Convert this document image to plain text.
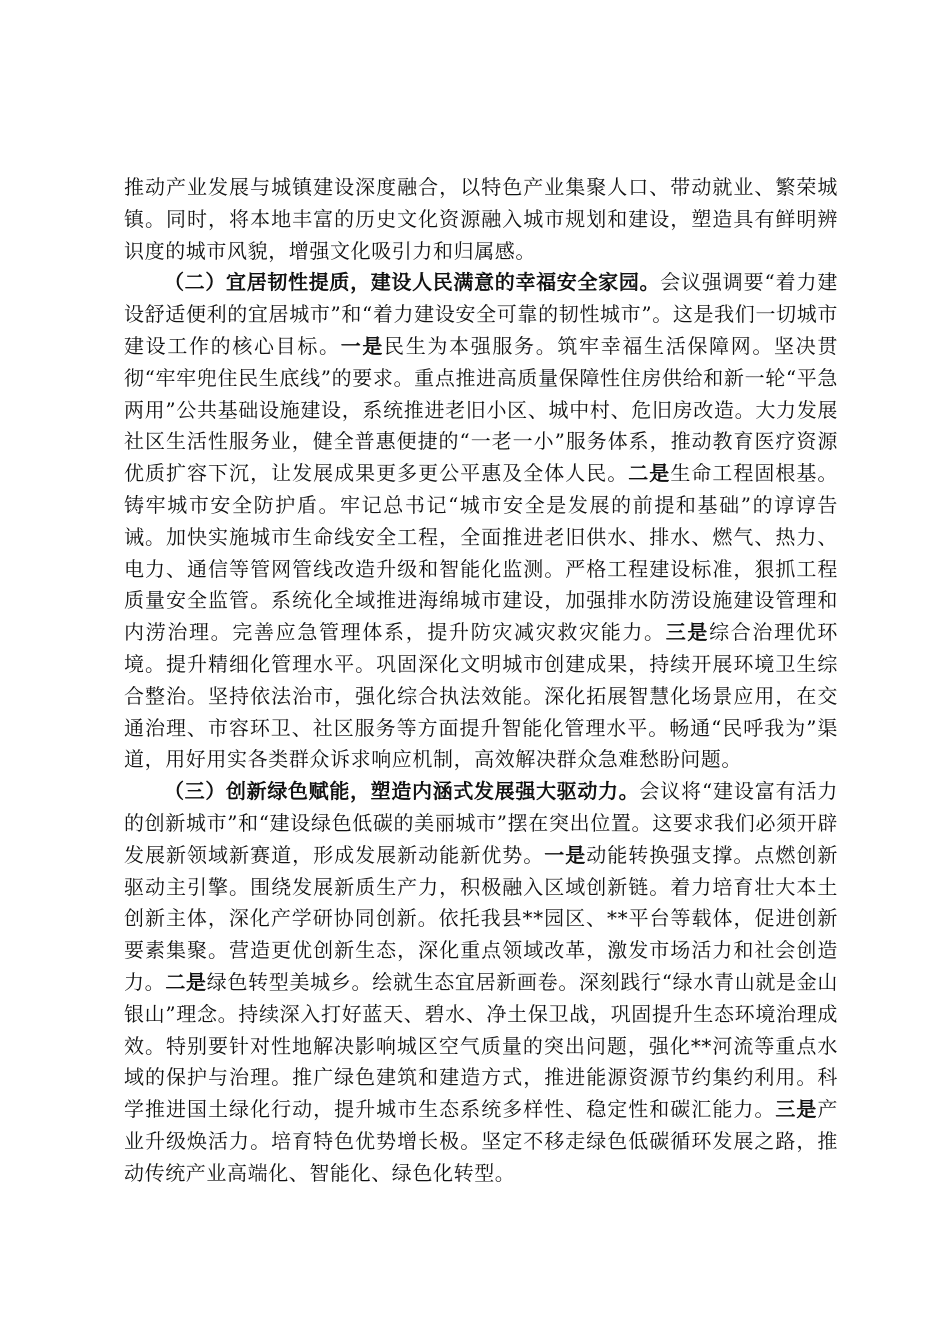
推动产业发展与城镇建设深度融合，以特色产业集聚人口、带动就业、繁荣城镇。同时，将本地丰富的历史文化资源融入城市规划和建设，塑造具有鲜明辨识度的城市风貌，增强文化吸引力和归属感。

（二）宜居韧性提质，建设人民满意的幸福安全家园。会议强调要“着力建设舒适便利的宜居城市”和“着力建设安全可靠的韧性城市”。这是我们一切城市建设工作的核心目标。一是民生为本强服务。筑牢幸福生活保障网。坚决贯彻“牢牢兜住民生底线”的要求。重点推进高质量保障性住房供给和新一轮“平急两用”公共基础设施建设，系统推进老旧小区、城中村、危旧房改造。大力发展社区生活性服务业，健全普惠便捷的“一老一小”服务体系，推动教育医疗资源优质扩容下沉，让发展成果更多更公平惠及全体人民。二是生命工程固根基。铸牢城市安全防护盾。牢记总书记“城市安全是发展的前提和基础”的谆谆告诫。加快实施城市生命线安全工程，全面推进老旧供水、排水、燃气、热力、电力、通信等管网管线改造升级和智能化监测。严格工程建设标准，狠抓工程质量安全监管。系统化全域推进海绵城市建设，加强排水防涝设施建设管理和内涝治理。完善应急管理体系，提升防灾减灾救灾能力。三是综合治理优环境。提升精细化管理水平。巩固深化文明城市创建成果，持续开展环境卫生综合整治。坚持依法治市，强化综合执法效能。深化拓展智慧化场景应用，在交通治理、市容环卫、社区服务等方面提升智能化管理水平。畅通“民呼我为”渠道，用好用实各类群众诉求响应机制，高效解决群众急难愁盼问题。

（三）创新绿色赋能，塑造内涵式发展强大驱动力。会议将“建设富有活力的创新城市”和“建设绿色低碳的美丽城市”摆在突出位置。这要求我们必须开辟发展新领域新赛道，形成发展新动能新优势。一是动能转换强支撑。点燃创新驱动主引擎。围绕发展新质生产力，积极融入区域创新链。着力培育壮大本土创新主体，深化产学研协同创新。依托我县**园区、**平台等载体，促进创新要素集聚。营造更优创新生态，深化重点领域改革，激发市场活力和社会创造力。二是绿色转型美城乡。绘就生态宜居新画卷。深刻践行“绿水青山就是金山银山”理念。持续深入打好蓝天、碧水、净土保卫战，巩固提升生态环境治理成效。特别要针对性地解决影响城区空气质量的突出问题，强化**河流等重点水域的保护与治理。推广绿色建筑和建造方式，推进能源资源节约集约利用。科学推进国土绿化行动，提升城市生态系统多样性、稳定性和碳汇能力。三是产业升级焕活力。培育特色优势增长极。坚定不移走绿色低碳循环发展之路，推动传统产业高端化、智能化、绿色化转型。
